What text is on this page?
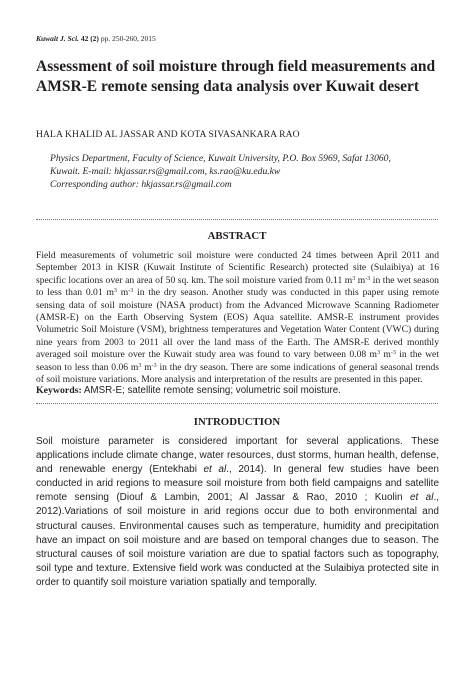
Kuwait J. Sci. 42 (2) pp. 250-260, 2015
Assessment of soil moisture through field measurements and AMSR-E remote sensing data analysis over Kuwait desert
HALA KHALID AL JASSAR AND KOTA SIVASANKARA RAO
Physics Department, Faculty of Science, Kuwait University, P.O. Box 5969, Safat 13060,
Kuwait. E-mail: hkjassar.rs@gmail.com, ks.rao@ku.edu.kw
Corresponding author: hkjassar.rs@gmail.com
ABSTRACT

Field measurements of volumetric soil moisture were conducted 24 times between April 2011 and September 2013 in KISR (Kuwait Institute of Scientific Research) protected site (Sulaibiya) at 16 specific locations over an area of 50 sq. km. The soil moisture varied from 0.11 $m^3$ $m^{-3}$ in the wet season to less than 0.01 $m^3$ $m^{-3}$ in the dry season. Another study was conducted in this paper using remote sensing data of soil moisture (NASA product) from the Advanced Microwave Scanning Radiometer (AMSR-E) on the Earth Observing System (EOS) Aqua satellite. AMSR-E instrument provides Volumetric Soil Moisture (VSM), brightness temperatures and Vegetation Water Content (VWC) during nine years from 2003 to 2011 all over the land mass of the Earth. The AMSR-E derived monthly averaged soil moisture over the Kuwait study area was found to vary between 0.08 $m^3$ $m^{-3}$ in the wet season to less than 0.06 $m^3$ $m^{-3}$ in the dry season. There are some indications of general seasonal trends of soil moisture variations. More analysis and interpretation of the results are presented in this paper.

Keywords: AMSR-E; satellite remote sensing; volumetric soil moisture.
INTRODUCTION

Soil moisture parameter is considered important for several applications. These applications include climate change, water resources, dust storms, human health, defense, and renewable energy (Entekhabi et al., 2014). In general few studies have been conducted in arid regions to measure soil moisture from both field campaigns and satellite remote sensing (Diouf & Lambin, 2001; Al Jassar & Rao, 2010 ; Kuolin et al., 2012).Variations of soil moisture in arid regions occur due to both environmental and structural causes. Environmental causes such as temperature, humidity and precipitation have an impact on soil moisture and are based on temporal changes due to season. The structural causes of soil moisture variation are due to spatial factors such as topography, soil type and texture. Extensive field work was conducted at the Sulaibiya protected site in order to quantify soil moisture variation spatially and temporally.
